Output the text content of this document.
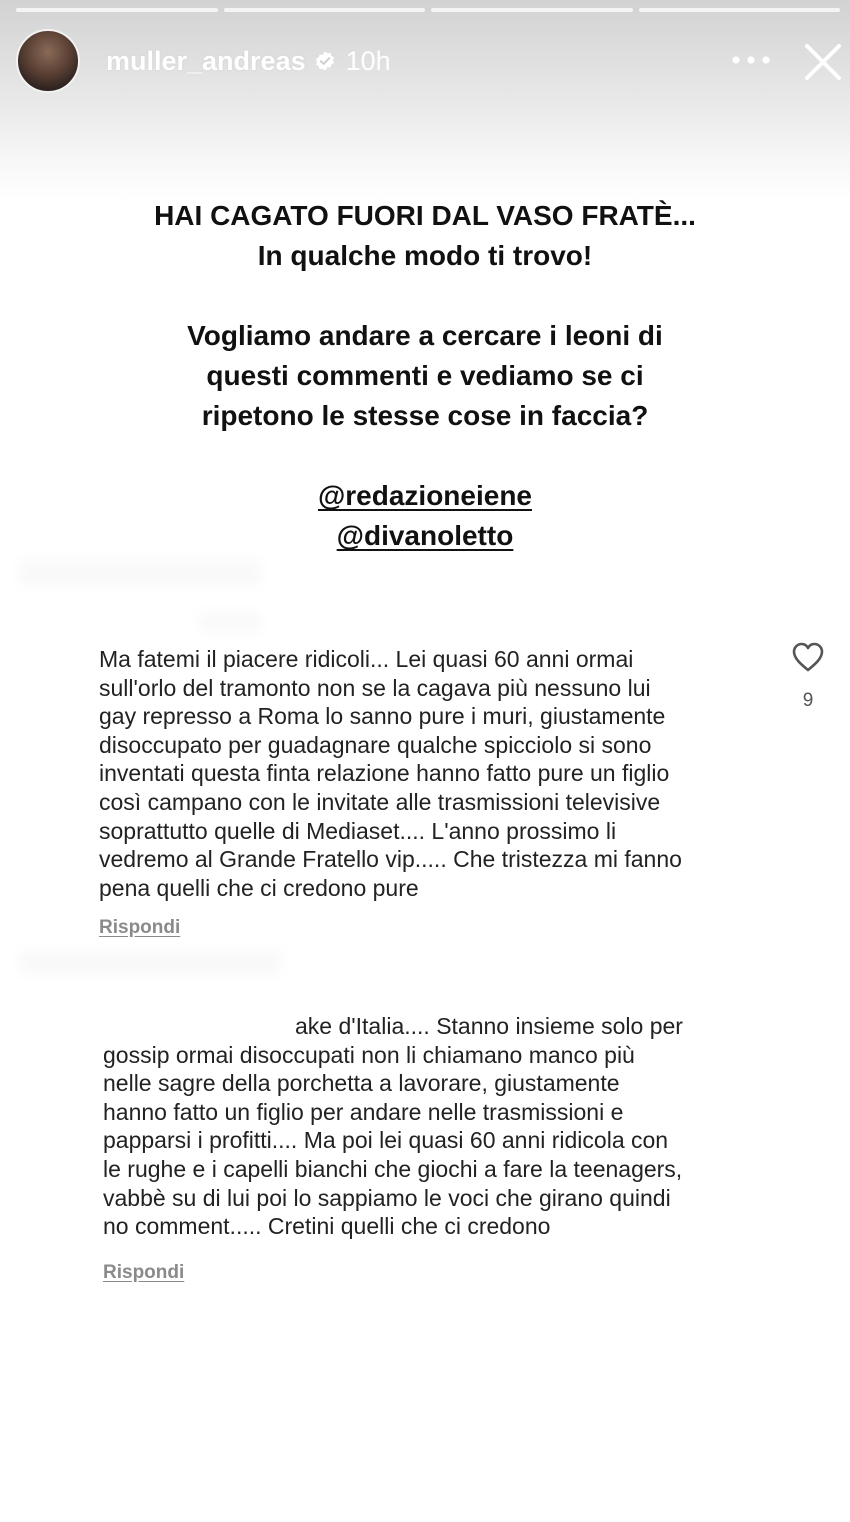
muller_andreas 10h
HAI CAGATO FUORI DAL VASO FRATÈ...
In qualche modo ti trovo!
Vogliamo andare a cercare i leoni di
questi commenti e vediamo se ci
ripetono le stesse cose in faccia?
@redazioneiene
@divanoletto
Ma fatemi il piacere ridicoli... Lei quasi 60 anni ormai
sull'orlo del tramonto non se la cagava più nessuno lui
gay represso a Roma lo sanno pure i muri, giustamente
disoccupato per guadagnare qualche spicciolo si sono
inventati questa finta relazione hanno fatto pure un figlio
così campano con le invitate alle trasmissioni televisive
soprattutto quelle di Mediaset.... L'anno prossimo li
vedremo al Grande Fratello vip..... Che tristezza mi fanno
pena quelli che ci credono pure
Rispondi
9
ake d'Italia.... Stanno insieme solo per
gossip ormai disoccupati non li chiamano manco più
nelle sagre della porchetta a lavorare, giustamente
hanno fatto un figlio per andare nelle trasmissioni e
papparsi i profitti.... Ma poi lei quasi 60 anni ridicola con
le rughe e i capelli bianchi che giochi a fare la teenagers,
vabbè su di lui poi lo sappiamo le voci che girano quindi
no comment..... Cretini quelli che ci credono
Rispondi
